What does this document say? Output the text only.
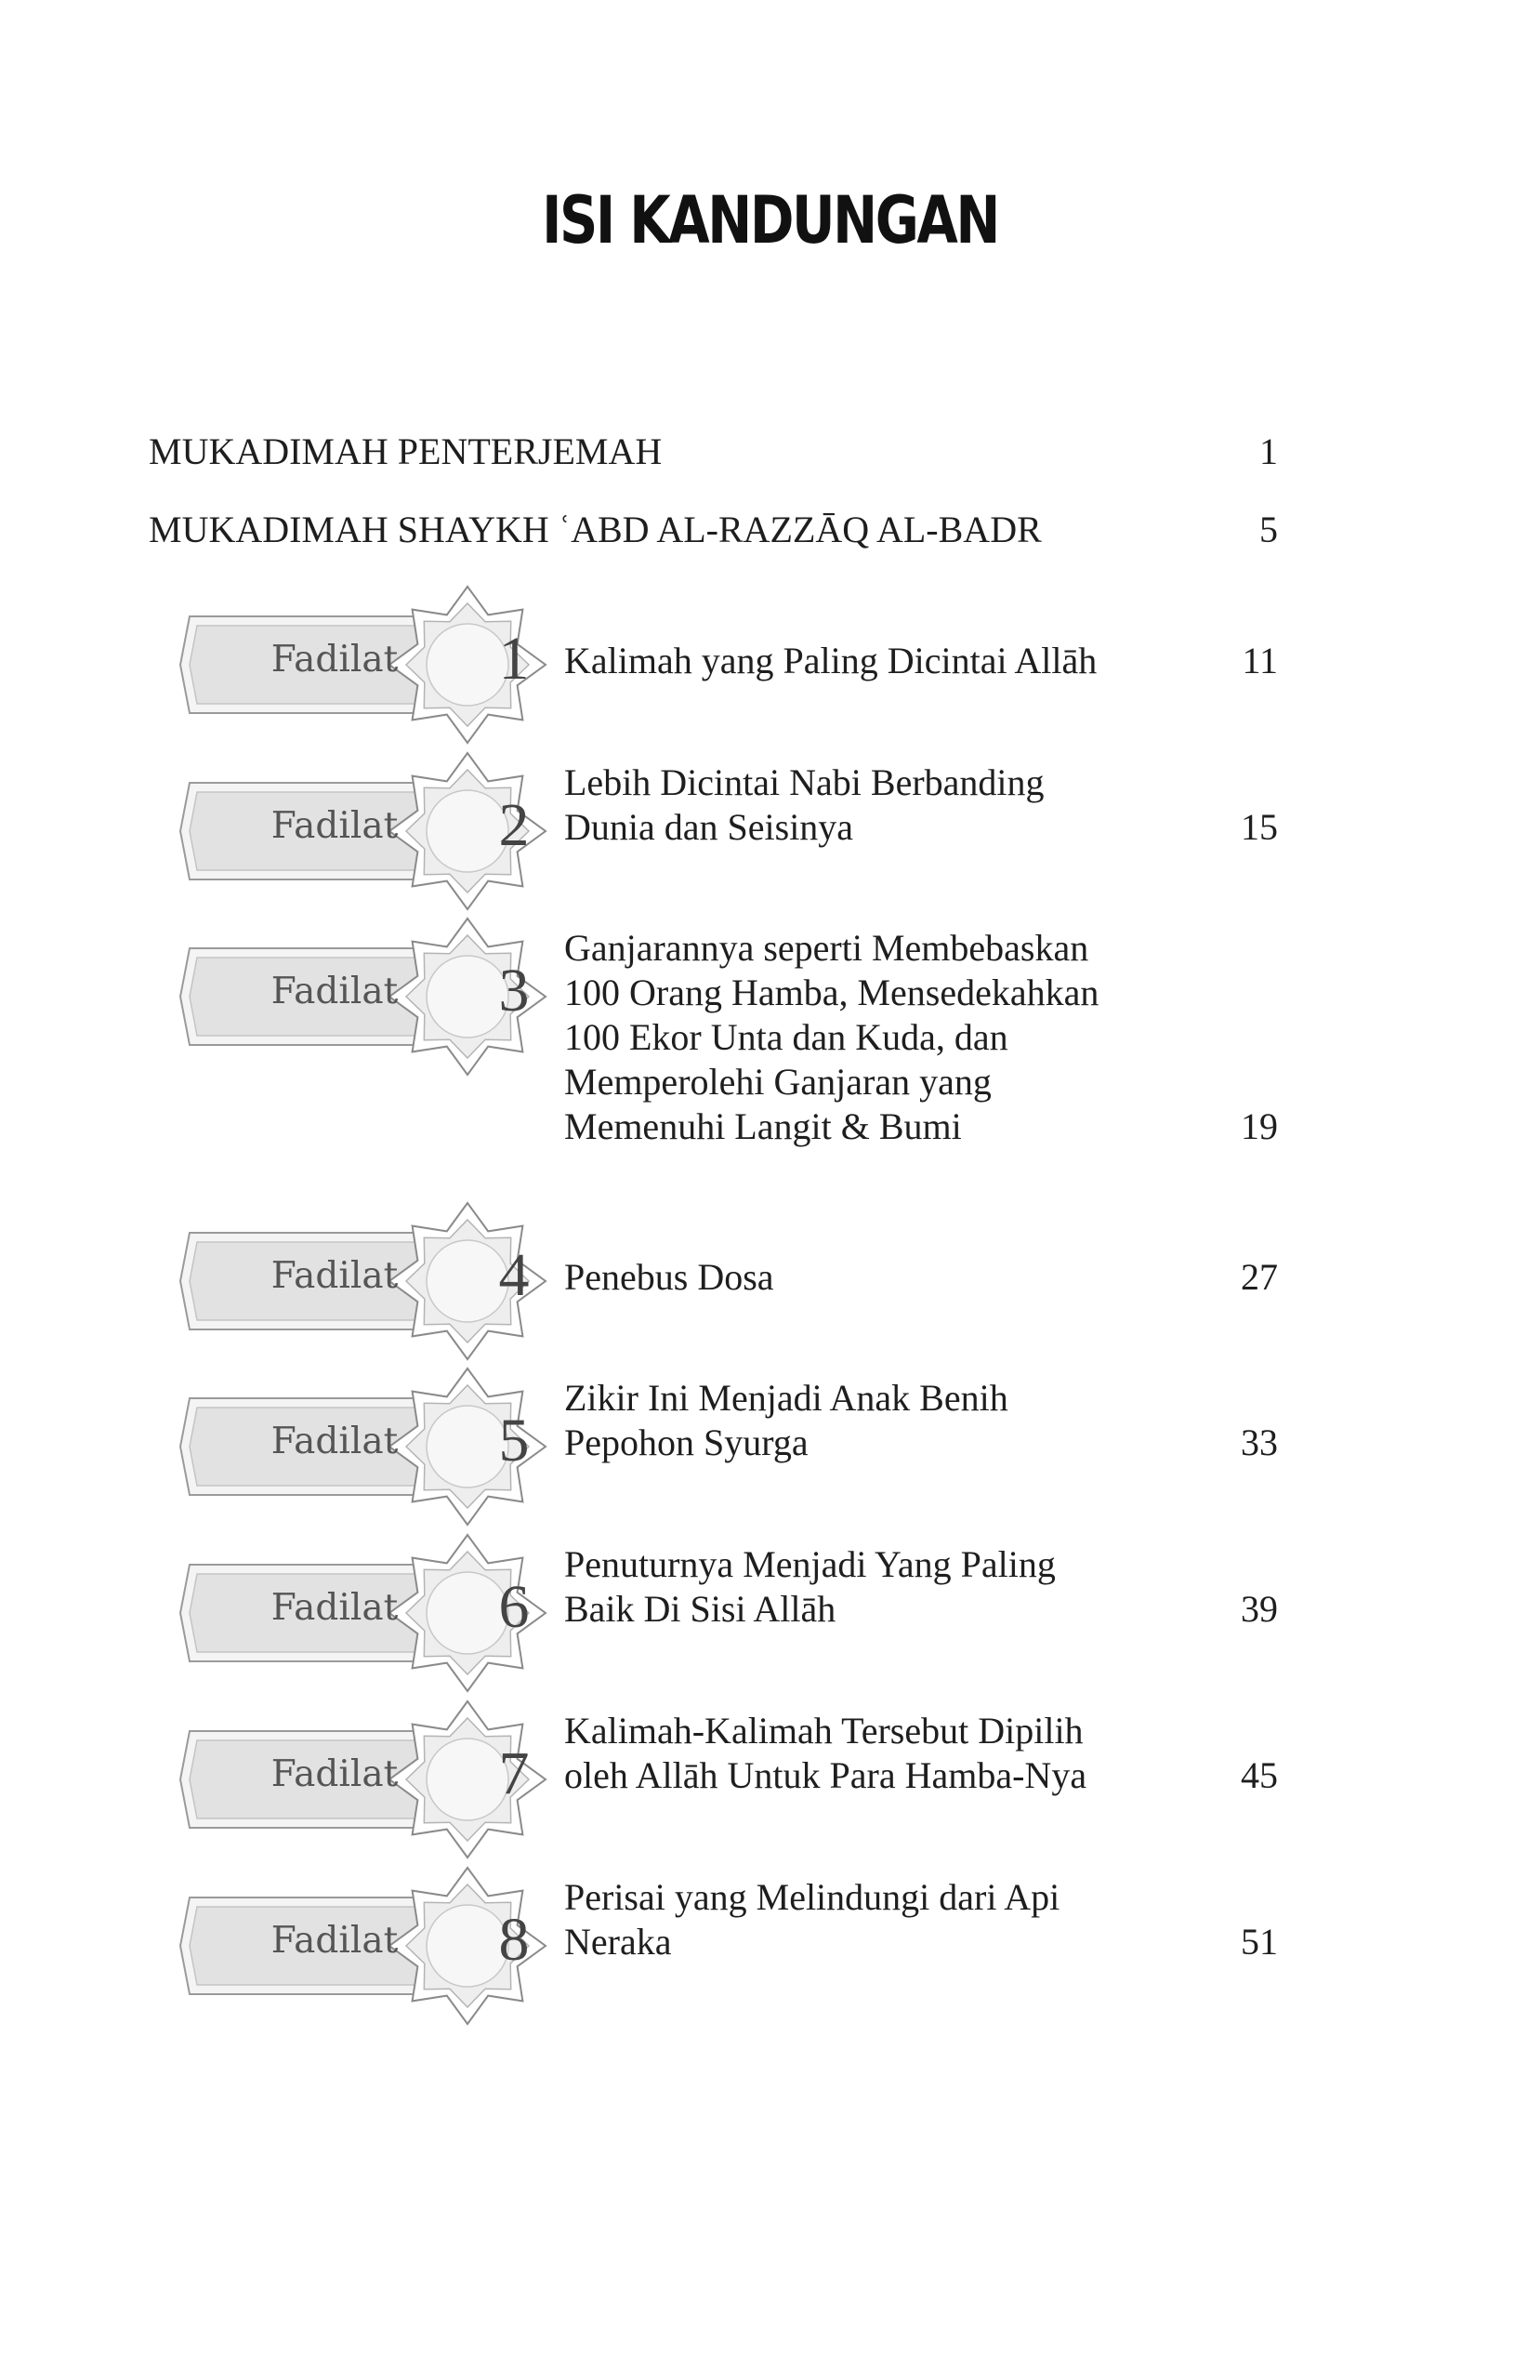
ISI KANDUNGAN
MUKADIMAH PENTERJEMAH	1
MUKADIMAH SHAYKH ʿABD AL-RAZZĀQ AL-BADR	5
Fadilat	1 Kalimah yang Paling Dicintai Allāh	11
Fadilat	2
Lebih Dicintai Nabi Berbanding
Dunia dan Seisinya	15
Fadilat	3
Ganjarannya seperti Membebaskan
100 Orang Hamba, Mensedekahkan
100 Ekor Unta dan Kuda, dan
Memperolehi Ganjaran yang
Memenuhi Langit & Bumi	19
Fadilat	4 Penebus Dosa	27
Fadilat	5
Zikir Ini Menjadi Anak Benih
Pepohon Syurga	33
Fadilat	6
Penuturnya Menjadi Yang Paling
Baik Di Sisi Allāh	39
Fadilat	7
Kalimah-Kalimah Tersebut Dipilih
oleh Allāh Untuk Para Hamba-Nya	45
Fadilat	8
Perisai yang Melindungi dari Api
Neraka	51
